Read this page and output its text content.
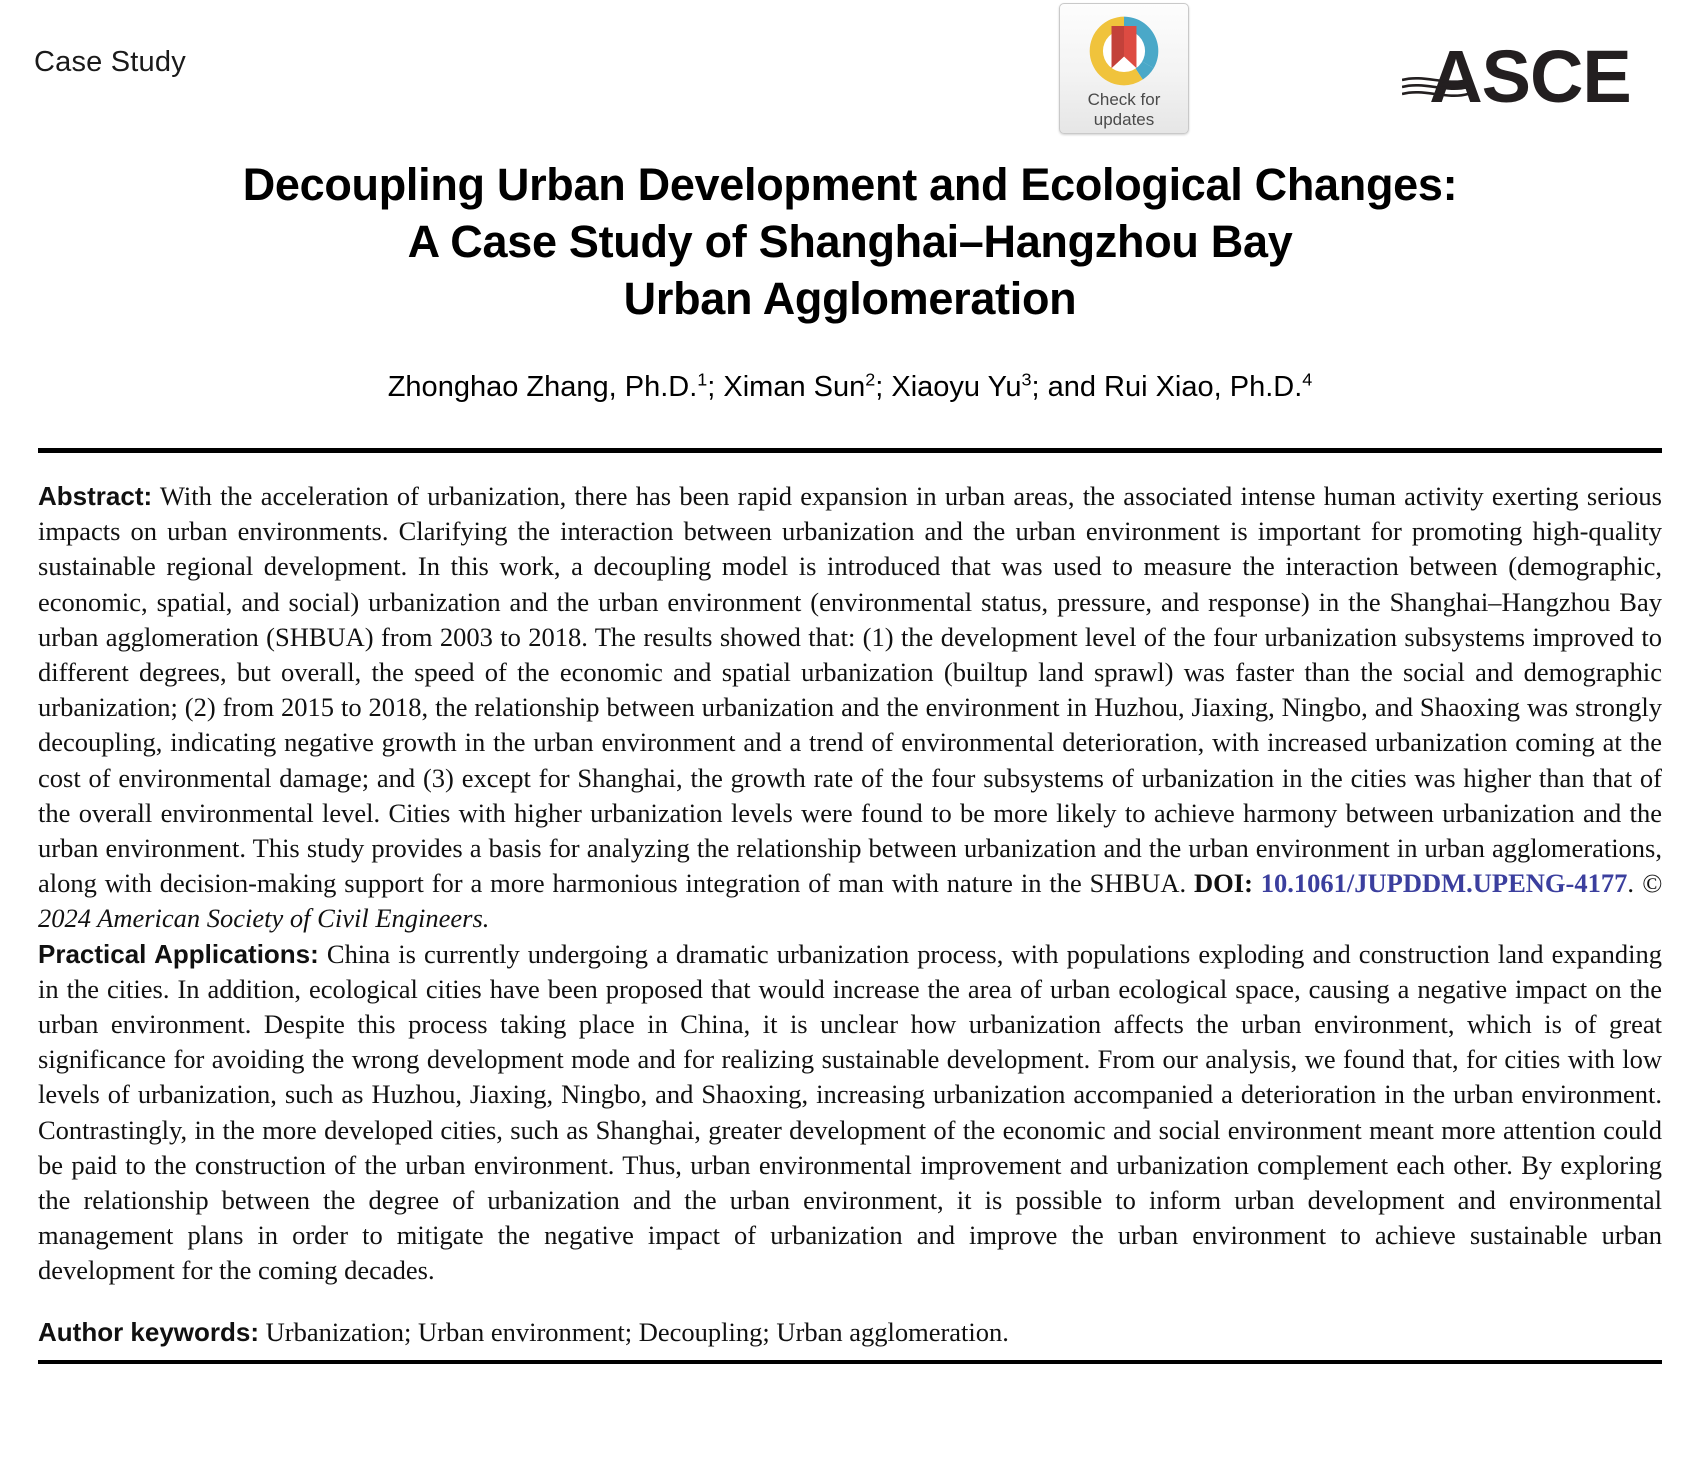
Case Study
Check for
updates
ASCE
Decoupling Urban Development and Ecological Changes:
A Case Study of Shanghai–Hangzhou Bay
Urban Agglomeration
Zhonghao Zhang, Ph.D.$^1$; Ximan Sun$^2$; Xiaoyu Yu$^3$; and Rui Xiao, Ph.D.$^4$

Abstract: With the acceleration of urbanization, there has been rapid expansion in urban areas, the associated intense human activity exerting serious impacts on urban environments. Clarifying the interaction between urbanization and the urban environment is important for promoting high-quality sustainable regional development. In this work, a decoupling model is introduced that was used to measure the interaction between (demographic, economic, spatial, and social) urbanization and the urban environment (environmental status, pressure, and response) in the Shanghai–Hangzhou Bay urban agglomeration (SHBUA) from 2003 to 2018. The results showed that: (1) the development level of the four urbanization subsystems improved to different degrees, but overall, the speed of the economic and spatial urbanization (builtup land sprawl) was faster than the social and demographic urbanization; (2) from 2015 to 2018, the relationship between urbanization and the environment in Huzhou, Jiaxing, Ningbo, and Shaoxing was strongly decoupling, indicating negative growth in the urban environment and a trend of environmental deterioration, with increased urbanization coming at the cost of environmental damage; and (3) except for Shanghai, the growth rate of the four subsystems of urbanization in the cities was higher than that of the overall environmental level. Cities with higher urbanization levels were found to be more likely to achieve harmony between urbanization and the urban environment. This study provides a basis for analyzing the relationship between urbanization and the urban environment in urban agglomerations, along with decision-making support for a more harmonious integration of man with nature in the SHBUA. DOI: 10.1061/JUPDDM.UPENG-4177. © 2024 American Society of Civil Engineers.

Practical Applications: China is currently undergoing a dramatic urbanization process, with populations exploding and construction land expanding in the cities. In addition, ecological cities have been proposed that would increase the area of urban ecological space, causing a negative impact on the urban environment. Despite this process taking place in China, it is unclear how urbanization affects the urban environment, which is of great significance for avoiding the wrong development mode and for realizing sustainable development. From our analysis, we found that, for cities with low levels of urbanization, such as Huzhou, Jiaxing, Ningbo, and Shaoxing, increasing urbanization accompanied a deterioration in the urban environment. Contrastingly, in the more developed cities, such as Shanghai, greater development of the economic and social environment meant more attention could be paid to the construction of the urban environment. Thus, urban environmental improvement and urbanization complement each other. By exploring the relationship between the degree of urbanization and the urban environment, it is possible to inform urban development and environmental management plans in order to mitigate the negative impact of urbanization and improve the urban environment to achieve sustainable urban development for the coming decades.

Author keywords: Urbanization; Urban environment; Decoupling; Urban agglomeration.
